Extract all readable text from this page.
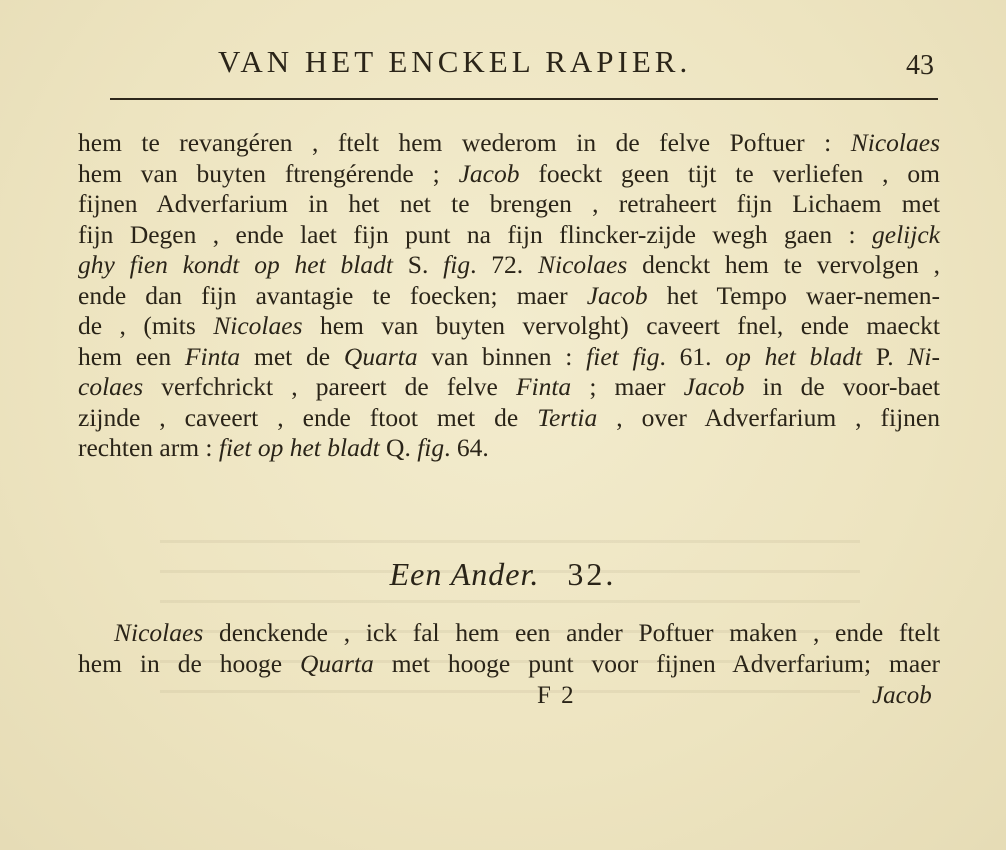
VAN HET ENCKEL RAPIER.	43
hem te revangéren , ftelt hem wederom in de felve Poftuer : Nicolaes
hem van buyten ftrengérende ; Jacob foeckt geen tijt te verliefen , om
fijnen Adverfarium in het net te brengen , retraheert fijn Lichaem met
fijn Degen , ende laet fijn punt na fijn flincker-zijde wegh gaen : gelijck
ghy fien kondt op het bladt S. fig. 72. Nicolaes denckt hem te vervolgen ,
ende dan fijn avantagie te foecken; maer Jacob het Tempo waer-nemen-
de , (mits Nicolaes hem van buyten vervolght) caveert fnel, ende maeckt
hem een Finta met de Quarta van binnen : fiet fig. 61. op het bladt P. Ni-
colaes verfchrickt , pareert de felve Finta ; maer Jacob in de voor-baet
zijnde , caveert , ende ftoot met de Tertia , over Adverfarium , fijnen
rechten arm : fiet op het bladt Q. fig. 64.
Een Ander. 32.
Nicolaes denckende , ick fal hem een ander Poftuer maken , ende ftelt
hem in de hooge Quarta met hooge punt voor fijnen Adverfarium; maer
F 2	Jacob
